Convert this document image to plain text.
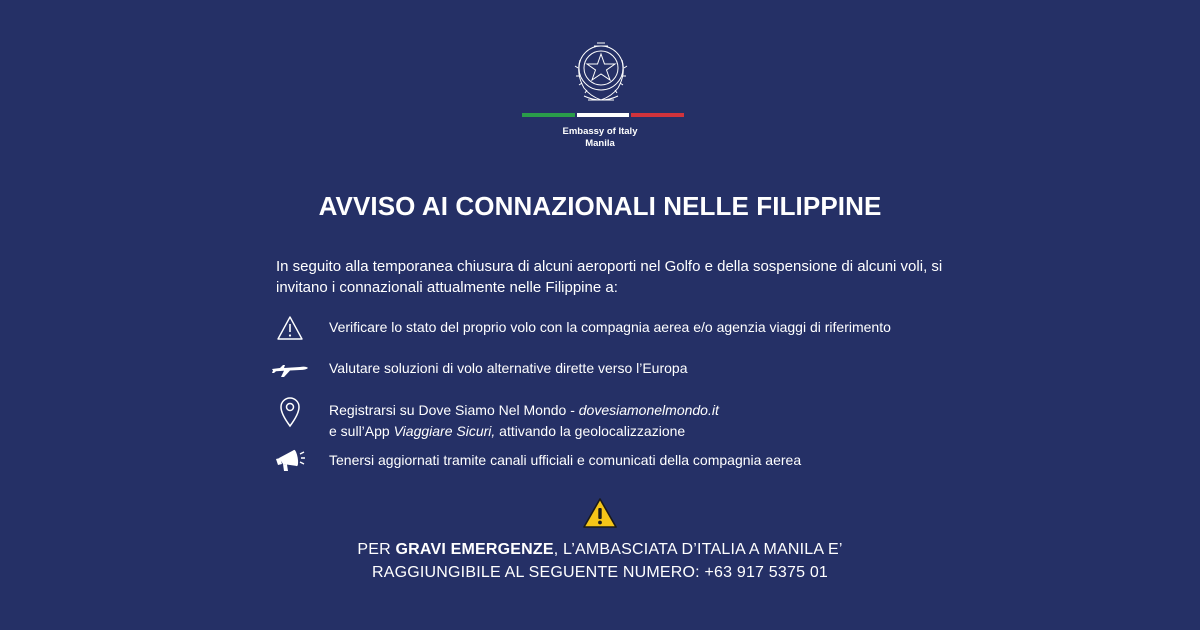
Embassy of Italy
Manila
AVVISO AI CONNAZIONALI NELLE FILIPPINE
In seguito alla temporanea chiusura di alcuni aeroporti nel Golfo e della sospensione di alcuni voli, si invitano i connazionali attualmente nelle Filippine a:
Verificare lo stato del proprio volo con la compagnia aerea e/o agenzia viaggi di riferimento
Valutare soluzioni di volo alternative dirette verso l’Europa
Registrarsi su Dove Siamo Nel Mondo - dovesiamonelmondo.it
e sull’App Viaggiare Sicuri, attivando la geolocalizzazione
Tenersi aggiornati tramite canali ufficiali e comunicati della compagnia aerea
PER GRAVI EMERGENZE, L’AMBASCIATA D’ITALIA A MANILA E’
RAGGIUNGIBILE AL SEGUENTE NUMERO: +63 917 5375 01
